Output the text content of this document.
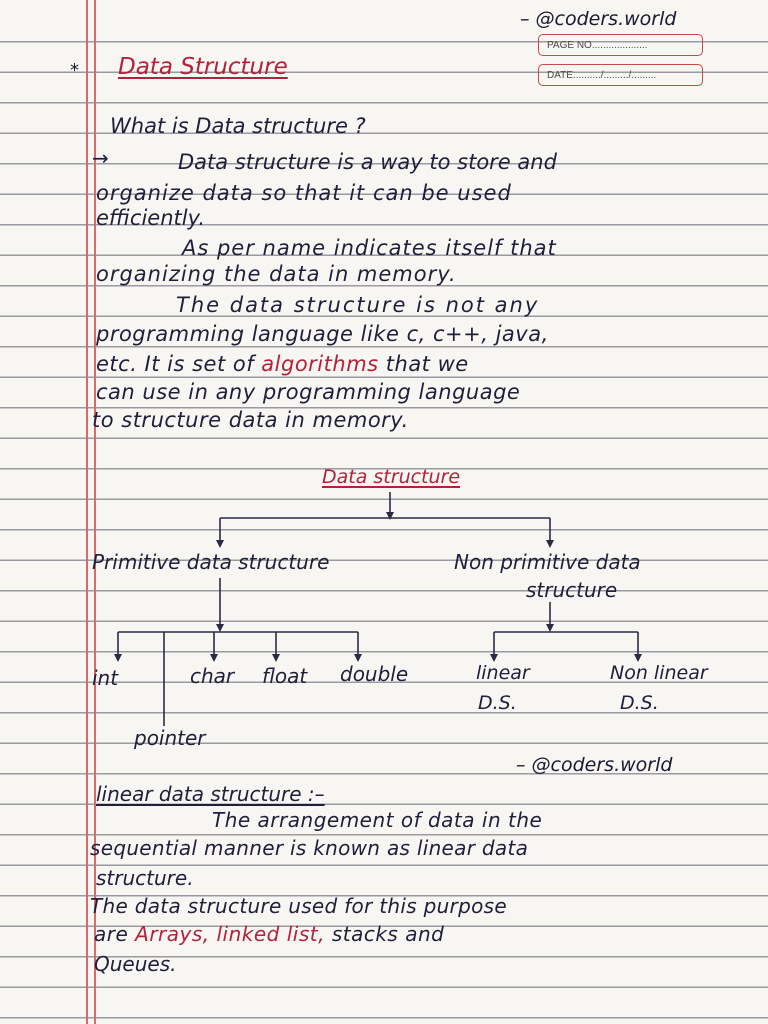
– @coders.world
PAGE NO....................
DATE........../........./.........
* Data Structure
What is Data structure ?
→	Data structure is a way to store and
organize data so that it can be used
efficiently.
As per name indicates itself that
organizing the data in memory.
The data structure is not any
programming language like c, c++, java,
etc. It is set of algorithms that we
can use in any programming language
to structure data in memory.
Data structure
Primitive data structure	Non primitive data
structure
int	char float double	linear
D.S.
Non linear
D.S.
pointer
– @coders.world
linear data structure :–
The arrangement of data in the
sequential manner is known as linear data
structure.
The data structure used for this purpose
are Arrays, linked list, stacks and
Queues.
